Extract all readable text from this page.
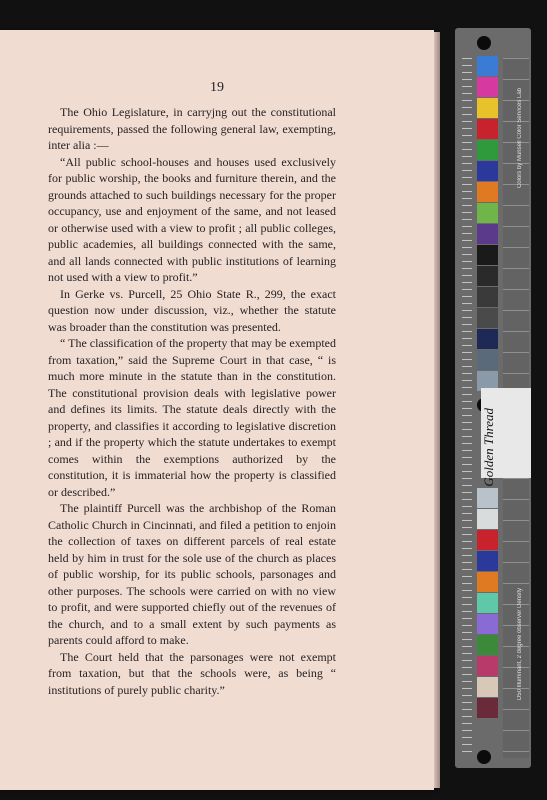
19

The Ohio Legislature, in carryjng out the constitutional requirements, passed the following general law, exempting, inter alia :—

“All public school-houses and houses used exclusively for public worship, the books and furniture therein, and the grounds attached to such buildings necessary for the proper occupancy, use and enjoyment of the same, and not leased or otherwise used with a view to profit ; all public colleges, public academies, all buildings connected with the same, and all lands connected with public institutions of learning not used with a view to profit.”

In Gerke vs. Purcell, 25 Ohio State R., 299, the exact question now under discussion, viz., whether the statute was broader than the constitution was presented.

“ The classification of the property that may be exempted from taxation,” said the Supreme Court in that case, “ is much more minute in the statute than in the constitution. The constitutional provision deals with legislative power and defines its limits. The statute deals directly with the property, and classifies it according to legislative discretion ; and if the property which the statute undertakes to exempt comes within the exemptions authorized by the constitution, it is immaterial how the property is classified or described.”

The plaintiff Purcell was the archbishop of the Roman Catholic Church in Cincinnati, and filed a petition to enjoin the collection of taxes on different parcels of real estate held by him in trust for the sole use of the church as places of public worship, for its public schools, parsonages and other purposes. The schools were carried on with no view to profit, and were supported chiefly out of the revenues of the church, and to a small extent by such payments as parents could afford to make.

The Court held that the parsonages were not exempt from taxation, but that the schools were, as being “ institutions of purely public charity.”

Golden Thread
Colors by Munsell Color Services Lab
D50 Illuminant, 2 degree observer Density
